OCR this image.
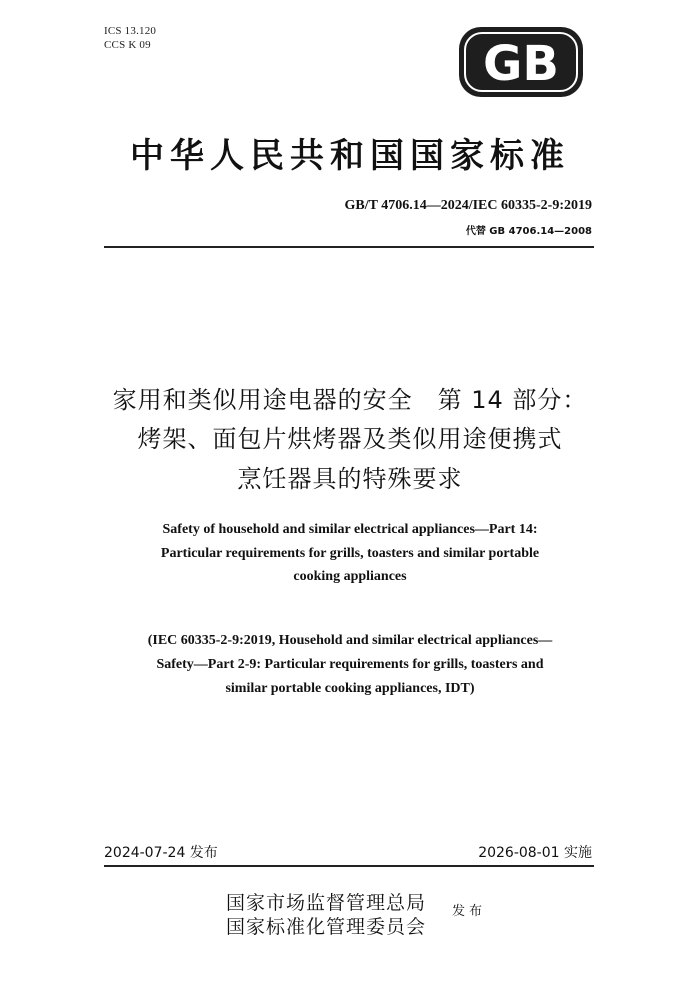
ICS 13.120
CCS K 09	GB
中华人民共和国国家标准
GB/T 4706.14—2024/IEC 60335-2-9:2019
代替 GB 4706.14—2008
家用和类似用途电器的安全　第 14 部分：
烤架、面包片烘烤器及类似用途便携式
烹饪器具的特殊要求
Safety of household and similar electrical appliances—Part 14:
Particular requirements for grills, toasters and similar portable
cooking appliances
(IEC 60335-2-9:2019, Household and similar electrical appliances—
Safety—Part 2-9: Particular requirements for grills, toasters and
similar portable cooking appliances, IDT)
2024-07-24 发布	2026-08-01 实施
国家市场监督管理总局
国家标准化管理委员会
发布
